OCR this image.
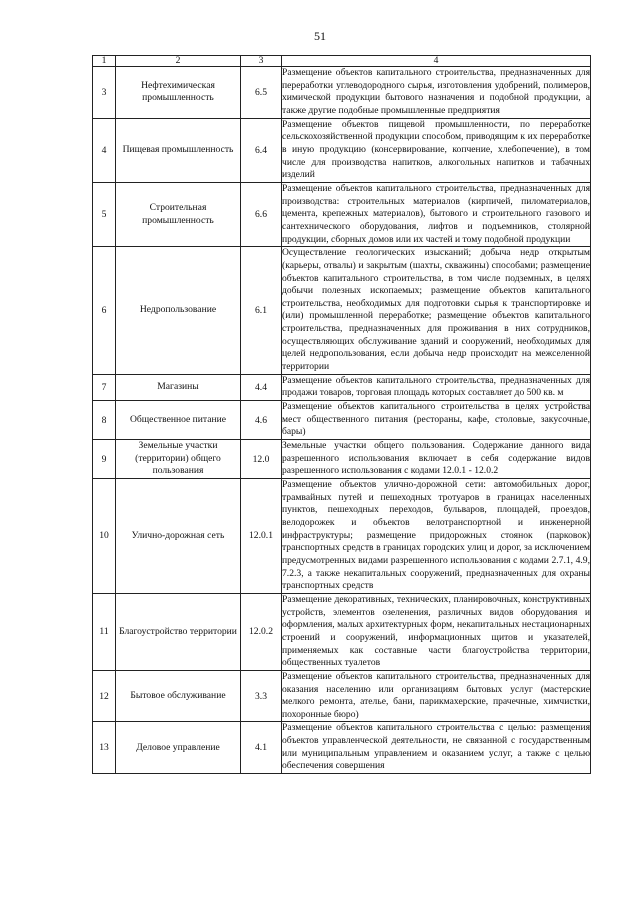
51
1	2	3	4
3	Нефтехимическая промышленность	6.5	Размещение объектов капитального строительства, предназначенных для переработки углеводородного сырья, изготовления удобрений, полимеров, химической продукции бытового назначения и подобной продукции, а также другие подобные промышленные предприятия
4	Пищевая промышленность	6.4	Размещение объектов пищевой промышленности, по переработке сельскохозяйственной продукции способом, приводящим к их переработке в иную продукцию (консервирование, копчение, хлебопечение), в том числе для производства напитков, алкогольных напитков и табачных изделий
5	Строительная промышленность	6.6	Размещение объектов капитального строительства, предназначенных для производства: строительных материалов (кирпичей, пиломатериалов, цемента, крепежных материалов), бытового и строительного газового и сантехнического оборудования, лифтов и подъемников, столярной продукции, сборных домов или их частей и тому подобной продукции
6	Недропользование	6.1	Осуществление геологических изысканий; добыча недр открытым (карьеры, отвалы) и закрытым (шахты, скважины) способами; размещение объектов капитального строительства, в том числе подземных, в целях добычи полезных ископаемых; размещение объектов капитального строительства, необходимых для подготовки сырья к транспортировке и (или) промышленной переработке; размещение объектов капитального строительства, предназначенных для проживания в них сотрудников, осуществляющих обслуживание зданий и сооружений, необходимых для целей недропользования, если добыча недр происходит на межселенной территории
7	Магазины	4.4	Размещение объектов капитального строительства, предназначенных для продажи товаров, торговая площадь которых составляет до 500 кв. м
8	Общественное питание	4.6	Размещение объектов капитального строительства в целях устройства мест общественного питания (рестораны, кафе, столовые, закусочные, бары)
9	Земельные участки (территории) общего пользования	12.0	Земельные участки общего пользования. Содержание данного вида разрешенного использования включает в себя содержание видов разрешенного использования с кодами 12.0.1 - 12.0.2
10	Улично-дорожная сеть	12.0.1	Размещение объектов улично-дорожной сети: автомобильных дорог, трамвайных путей и пешеходных тротуаров в границах населенных пунктов, пешеходных переходов, бульваров, площадей, проездов, велодорожек и объектов велотранспортной и инженерной инфраструктуры; размещение придорожных стоянок (парковок) транспортных средств в границах городских улиц и дорог, за исключением предусмотренных видами разрешенного использования с кодами 2.7.1, 4.9, 7.2.3, а также некапитальных сооружений, предназначенных для охраны транспортных средств
11	Благоустройство территории	12.0.2	Размещение декоративных, технических, планировочных, конструктивных устройств, элементов озеленения, различных видов оборудования и оформления, малых архитектурных форм, некапитальных нестационарных строений и сооружений, информационных щитов и указателей, применяемых как составные части благоустройства территории, общественных туалетов
12	Бытовое обслуживание	3.3	Размещение объектов капитального строительства, предназначенных для оказания населению или организациям бытовых услуг (мастерские мелкого ремонта, ателье, бани, парикмахерские, прачечные, химчистки, похоронные бюро)
13	Деловое управление	4.1	Размещение объектов капитального строительства с целью: размещения объектов управленческой деятельности, не связанной с государственным или муниципальным управлением и оказанием услуг, а также с целью обеспечения совершения
